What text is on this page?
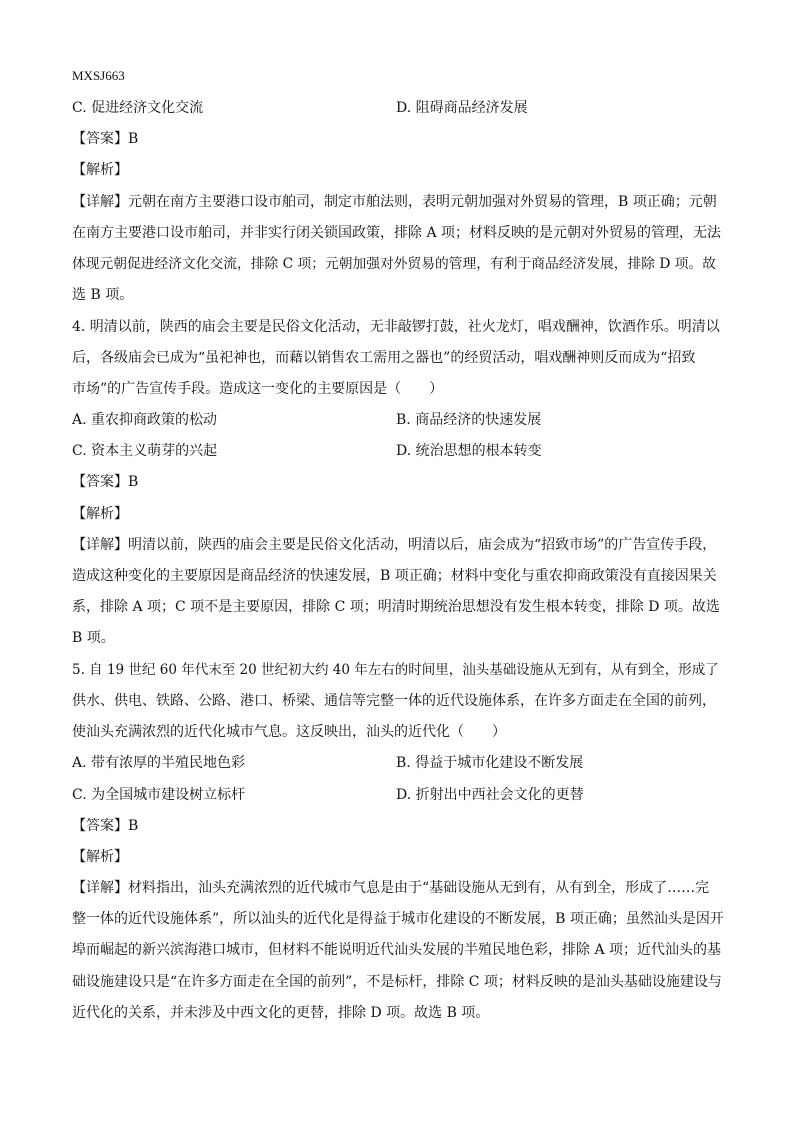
MXSJ663
C. 促进经济文化交流	D. 阻碍商品经济发展
【答案】B
【解析】
【详解】元朝在南方主要港口设市舶司，制定市舶法则，表明元朝加强对外贸易的管理，B 项正确；元朝
在南方主要港口设市舶司，并非实行闭关锁国政策，排除 A 项；材料反映的是元朝对外贸易的管理，无法
体现元朝促进经济文化交流，排除 C 项；元朝加强对外贸易的管理，有利于商品经济发展，排除 D 项。故
选 B 项。
4. 明清以前，陕西的庙会主要是民俗文化活动，无非敲锣打鼓，社火龙灯，唱戏酬神，饮酒作乐。明清以
后，各级庙会已成为“虽祀神也，而藉以销售农工需用之器也”的经贸活动，唱戏酬神则反而成为“招致
市场”的广告宣传手段。造成这一变化的主要原因是（　　）
A. 重农抑商政策的松动	B. 商品经济的快速发展
C. 资本主义萌芽的兴起	D. 统治思想的根本转变
【答案】B
【解析】
【详解】明清以前，陕西的庙会主要是民俗文化活动，明清以后，庙会成为“招致市场”的广告宣传手段，
造成这种变化的主要原因是商品经济的快速发展，B 项正确；材料中变化与重农抑商政策没有直接因果关
系，排除 A 项；C 项不是主要原因，排除 C 项；明清时期统治思想没有发生根本转变，排除 D 项。故选
B 项。
5. 自 19 世纪 60 年代末至 20 世纪初大约 40 年左右的时间里，汕头基础设施从无到有，从有到全，形成了
供水、供电、铁路、公路、港口、桥梁、通信等完整一体的近代设施体系，在许多方面走在全国的前列，
使汕头充满浓烈的近代化城市气息。这反映出，汕头的近代化（　　）
A. 带有浓厚的半殖民地色彩	B. 得益于城市化建设不断发展
C. 为全国城市建设树立标杆	D. 折射出中西社会文化的更替
【答案】B
【解析】
【详解】材料指出，汕头充满浓烈的近代城市气息是由于“基础设施从无到有，从有到全，形成了……完
整一体的近代设施体系”，所以汕头的近代化是得益于城市化建设的不断发展，B 项正确；虽然汕头是因开
埠而崛起的新兴滨海港口城市，但材料不能说明近代汕头发展的半殖民地色彩，排除 A 项；近代汕头的基
础设施建设只是“在许多方面走在全国的前列”，不是标杆，排除 C 项；材料反映的是汕头基础设施建设与
近代化的关系，并未涉及中西文化的更替，排除 D 项。故选 B 项。
